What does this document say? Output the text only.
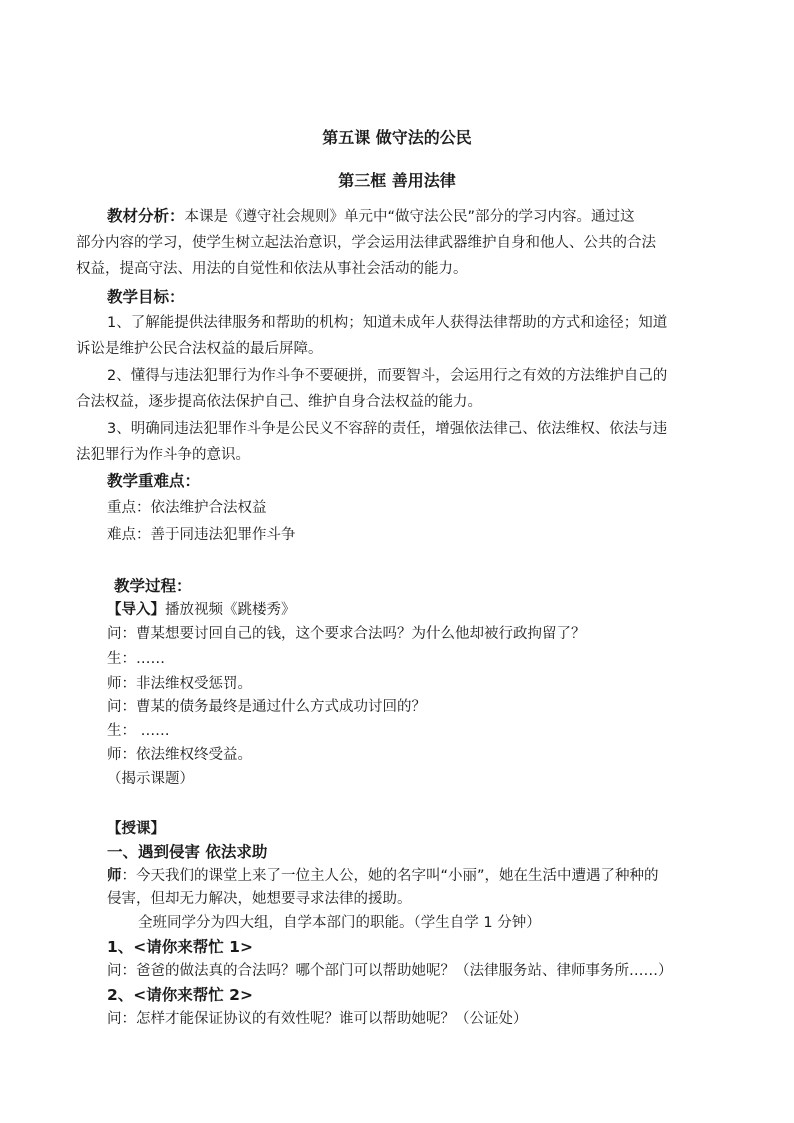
第五课 做守法的公民
第三框 善用法律
教材分析：本课是《遵守社会规则》单元中“做守法公民”部分的学习内容。通过这
部分内容的学习，使学生树立起法治意识，学会运用法律武器维护自身和他人、公共的合法
权益，提高守法、用法的自觉性和依法从事社会活动的能力。
教学目标：
1、了解能提供法律服务和帮助的机构；知道未成年人获得法律帮助的方式和途径；知道
诉讼是维护公民合法权益的最后屏障。
2、懂得与违法犯罪行为作斗争不要硬拼，而要智斗，会运用行之有效的方法维护自己的
合法权益，逐步提高依法保护自己、维护自身合法权益的能力。
3、明确同违法犯罪作斗争是公民义不容辞的责任，增强依法律己、依法维权、依法与违
法犯罪行为作斗争的意识。
教学重难点：
重点：依法维护合法权益
难点：善于同违法犯罪作斗争
教学过程：
【导入】播放视频《跳楼秀》
问：曹某想要讨回自己的钱，这个要求合法吗？为什么他却被行政拘留了？
生：……
师：非法维权受惩罚。
问：曹某的债务最终是通过什么方式成功讨回的？
生： ……
师：依法维权终受益。
（揭示课题）
【授课】
一、遇到侵害 依法求助
师：今天我们的课堂上来了一位主人公，她的名字叫“小丽”，她在生活中遭遇了种种的
侵害，但却无力解决，她想要寻求法律的援助。
全班同学分为四大组，自学本部门的职能。（学生自学 1 分钟）
1、<请你来帮忙 1>
问：爸爸的做法真的合法吗？哪个部门可以帮助她呢？（法律服务站、律师事务所……）
2、<请你来帮忙 2>
问：怎样才能保证协议的有效性呢？谁可以帮助她呢？（公证处）
